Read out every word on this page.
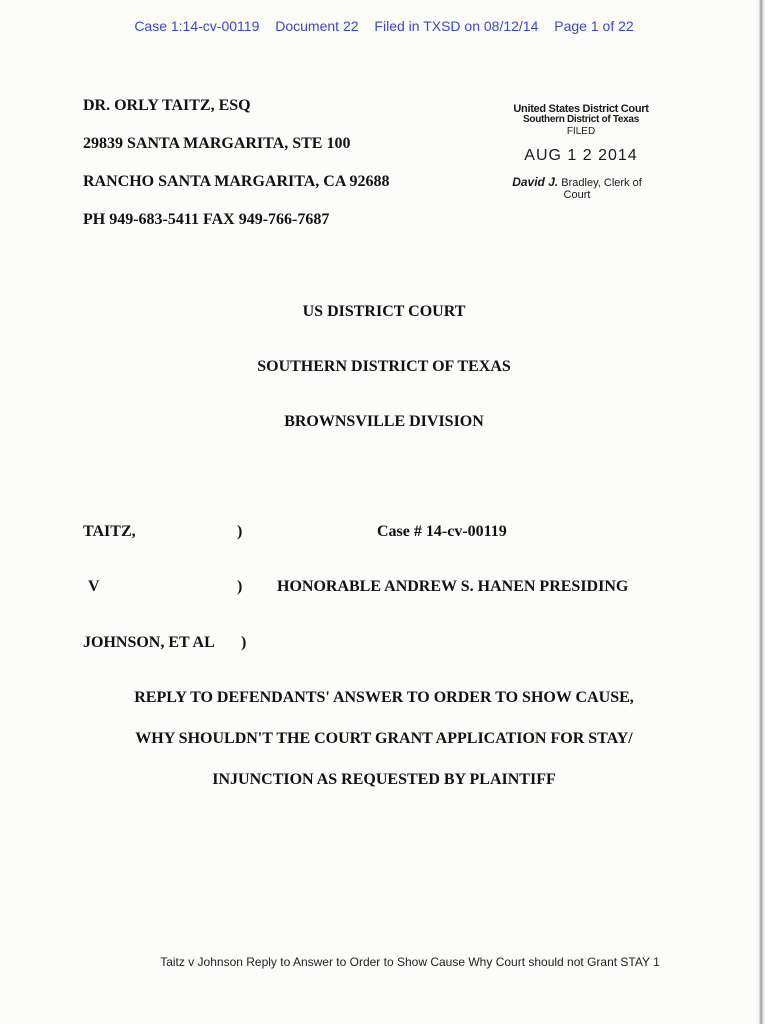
Case 1:14-cv-00119 Document 22 Filed in TXSD on 08/12/14 Page 1 of 22
DR. ORLY TAITZ, ESQ
29839 SANTA MARGARITA, STE 100
RANCHO SANTA MARGARITA, CA 92688
PH 949-683-5411 FAX 949-766-7687
United States District Court
Southern District of Texas
FILED
AUG 1 2 2014
David J. Bradley, Clerk of Court
US DISTRICT COURT
SOUTHERN DISTRICT OF TEXAS
BROWNSVILLE DIVISION
TAITZ,	)	Case # 14-cv-00119
V	) HONORABLE ANDREW S. HANEN PRESIDING
JOHNSON, ET AL )
REPLY TO DEFENDANTS' ANSWER TO ORDER TO SHOW CAUSE,
WHY SHOULDN'T THE COURT GRANT APPLICATION FOR STAY/
INJUNCTION AS REQUESTED BY PLAINTIFF
Taitz v Johnson Reply to Answer to Order to Show Cause Why Court should not Grant STAY 1
